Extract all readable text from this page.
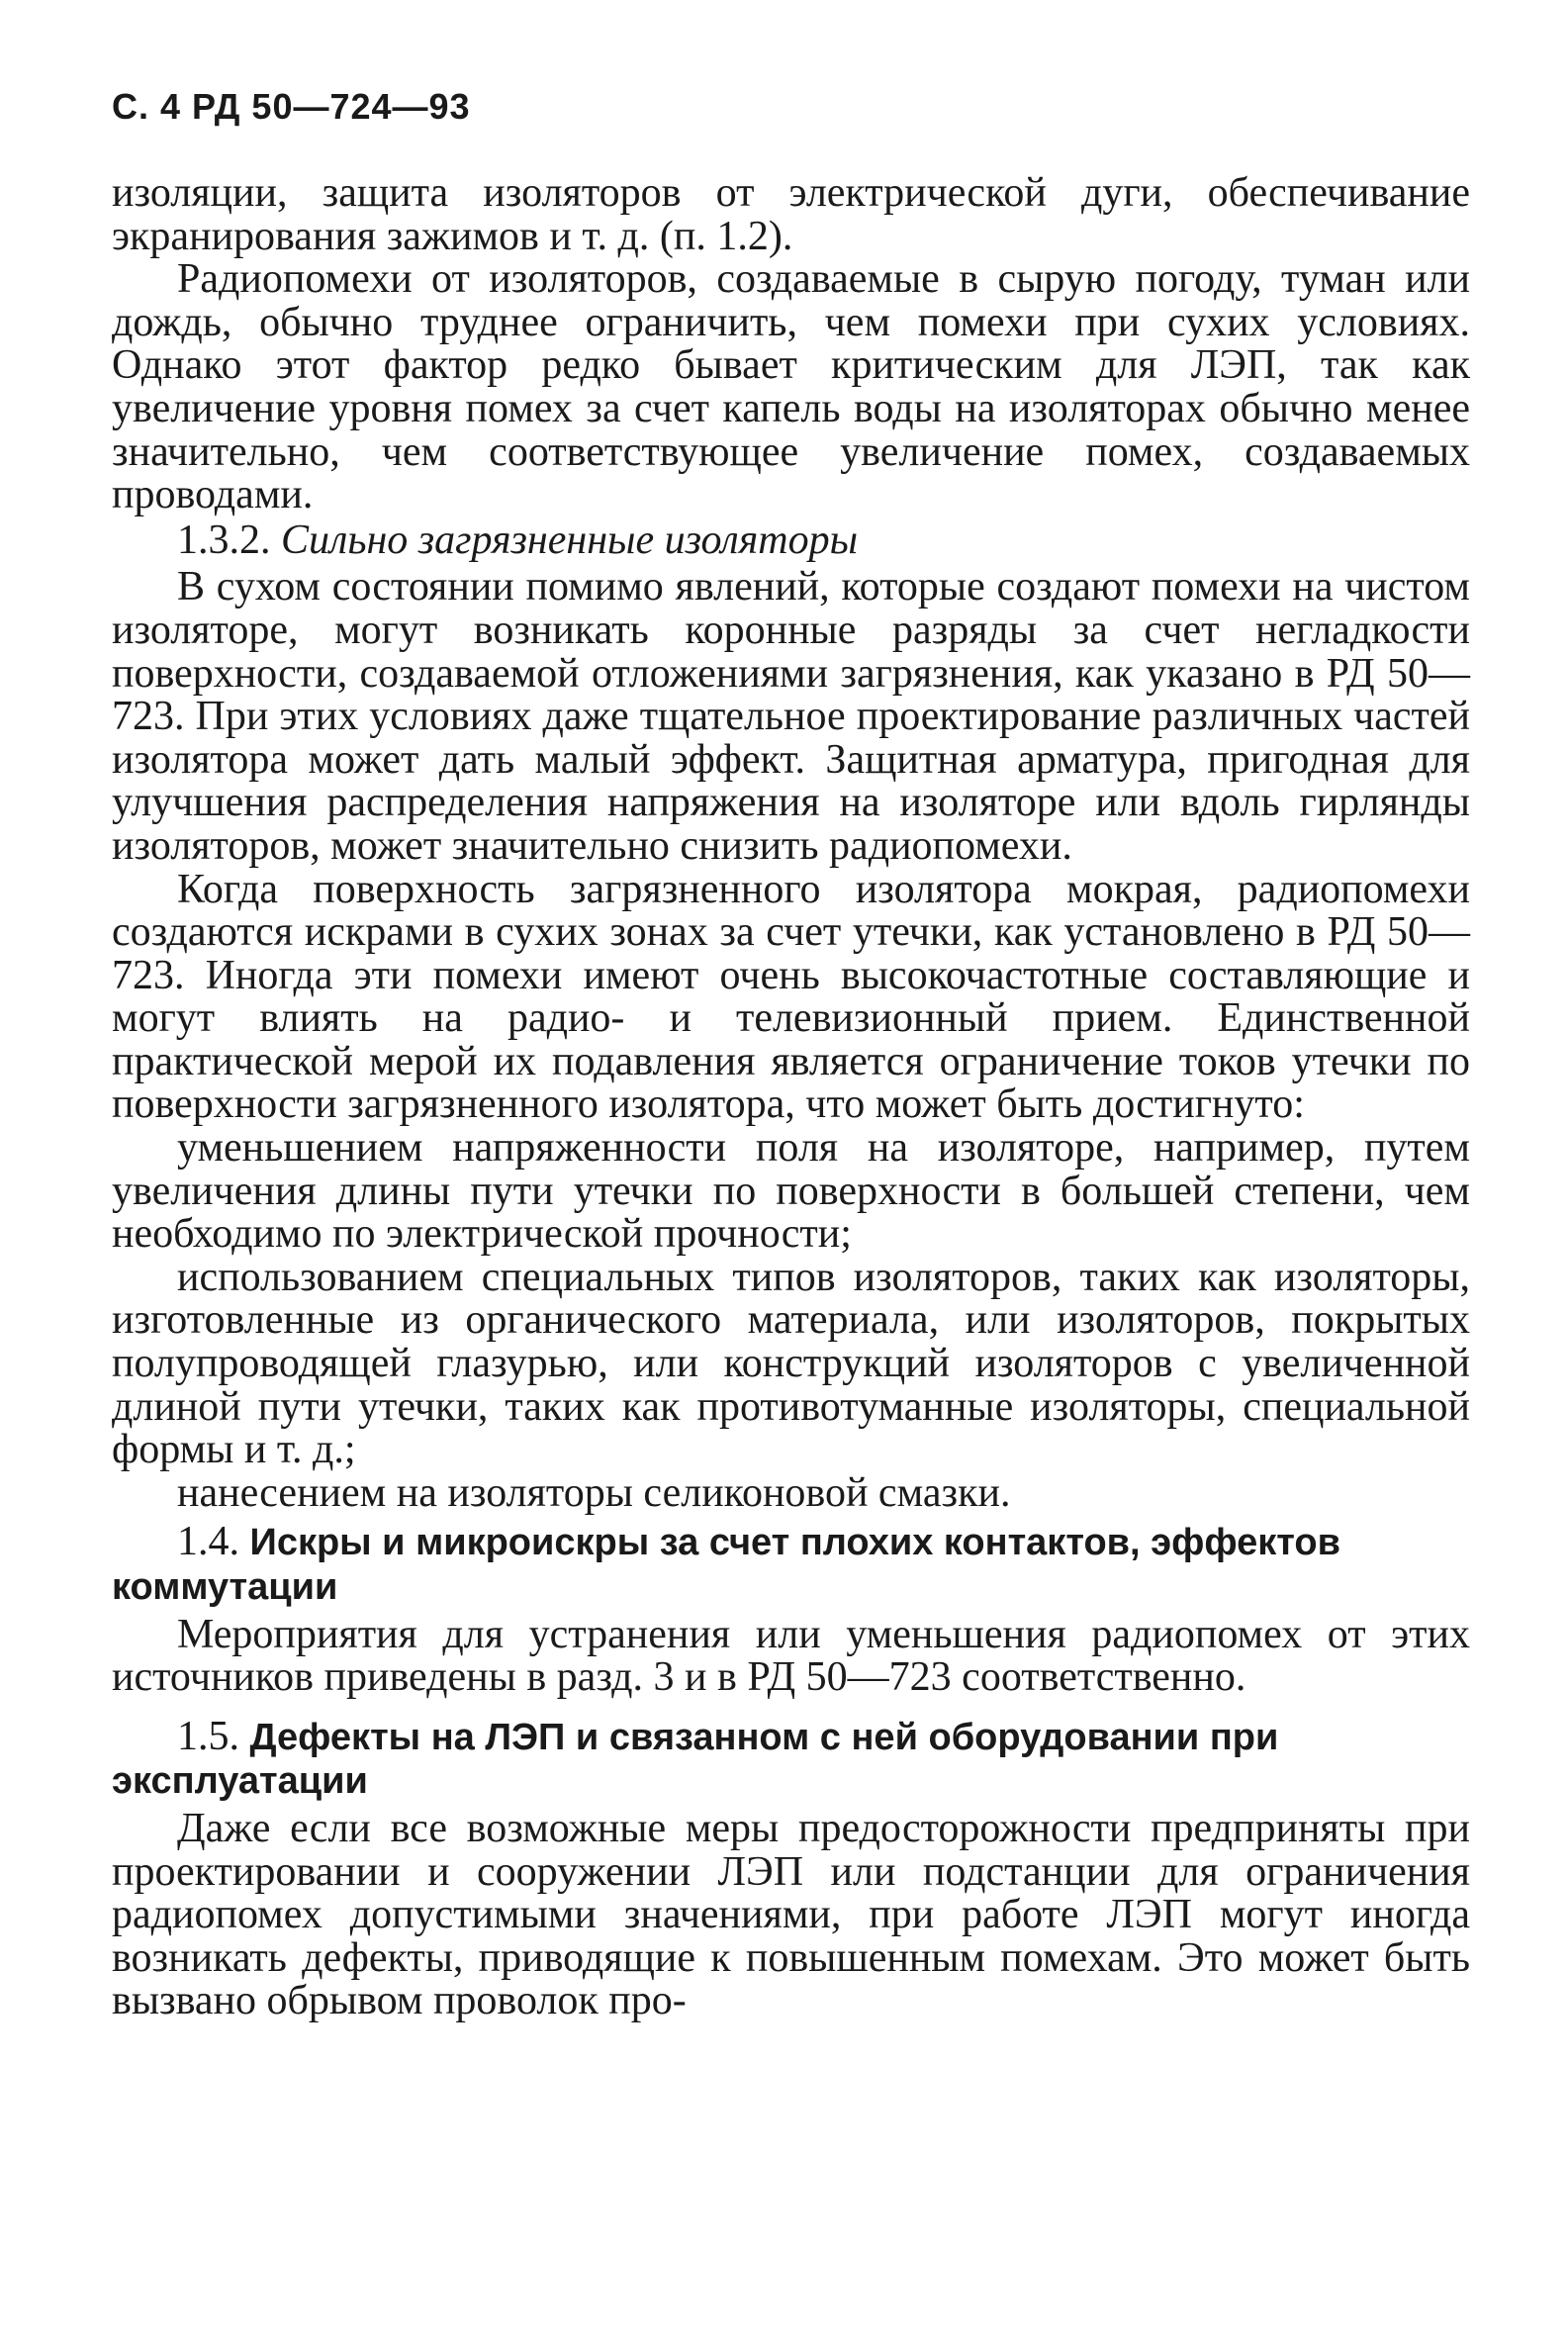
С. 4 РД 50—724—93

изоляции, защита изоляторов от электрической дуги, обеспечивание экранирования зажимов и т. д. (п. 1.2).

Радиопомехи от изоляторов, создаваемые в сырую погоду, туман или дождь, обычно труднее ограничить, чем помехи при сухих условиях. Однако этот фактор редко бывает критическим для ЛЭП, так как увеличение уровня помех за счет капель воды на изоляторах обычно менее значительно, чем соответствующее увеличение помех, создаваемых проводами.

1.3.2. Сильно загрязненные изоляторы

В сухом состоянии помимо явлений, которые создают помехи на чистом изоляторе, могут возникать коронные разряды за счет негладкости поверхности, создаваемой отложениями загрязнения, как указано в РД 50—723. При этих условиях даже тщательное проектирование различных частей изолятора может дать малый эффект. Защитная арматура, пригодная для улучшения распределения напряжения на изоляторе или вдоль гирлянды изоляторов, может значительно снизить радиопомехи.

Когда поверхность загрязненного изолятора мокрая, радиопомехи создаются искрами в сухих зонах за счет утечки, как установлено в РД 50—723. Иногда эти помехи имеют очень высокочастотные составляющие и могут влиять на радио- и телевизионный прием. Единственной практической мерой их подавления является ограничение токов утечки по поверхности загрязненного изолятора, что может быть достигнуто:

уменьшением напряженности поля на изоляторе, например, путем увеличения длины пути утечки по поверхности в большей степени, чем необходимо по электрической прочности;

использованием специальных типов изоляторов, таких как изоляторы, изготовленные из органического материала, или изоляторов, покрытых полупроводящей глазурью, или конструкций изоляторов с увеличенной длиной пути утечки, таких как противотуманные изоляторы, специальной формы и т. д.;

нанесением на изоляторы селиконовой смазки.

1.4. Искры и микроискры за счет плохих контактов, эффектов коммутации

Мероприятия для устранения или уменьшения радиопомех от этих источников приведены в разд. 3 и в РД 50—723 соответственно.

1.5. Дефекты на ЛЭП и связанном с ней оборудовании при эксплуатации

Даже если все возможные меры предосторожности предприняты при проектировании и сооружении ЛЭП или подстанции для ограничения радиопомех допустимыми значениями, при работе ЛЭП могут иногда возникать дефекты, приводящие к повышенным помехам. Это может быть вызвано обрывом проволок про-
